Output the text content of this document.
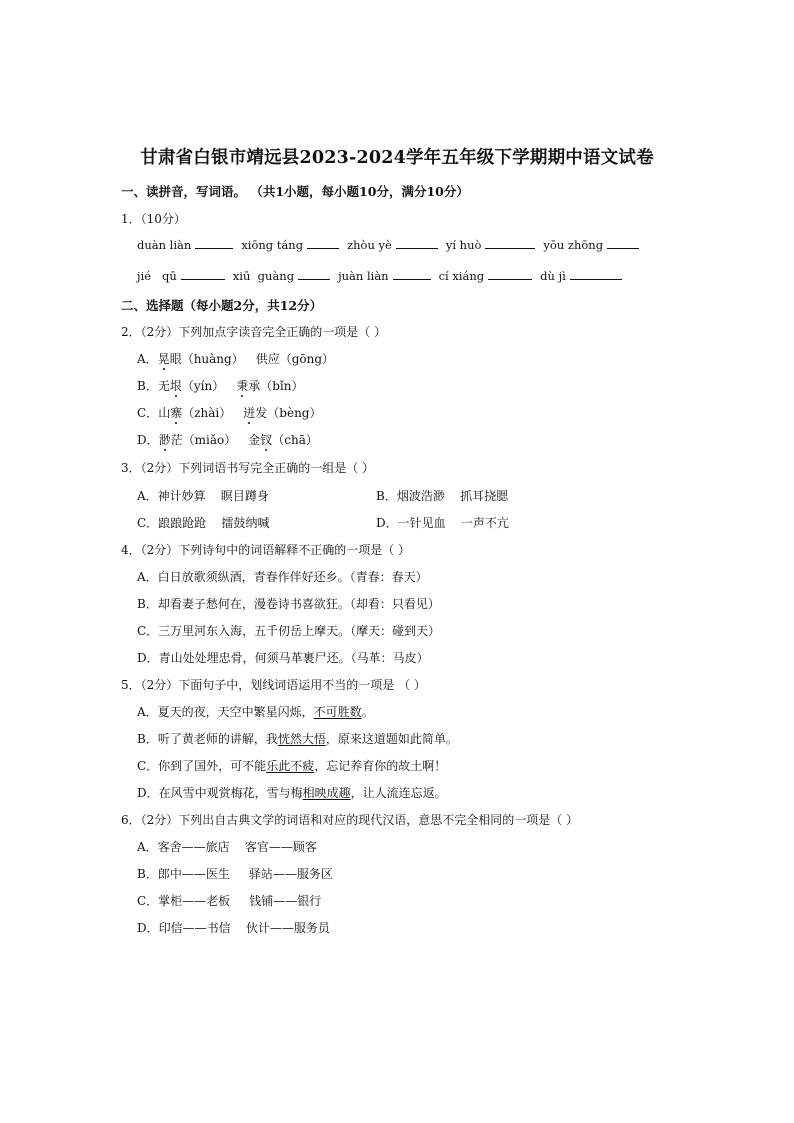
甘肃省白银市靖远县2023-2024学年五年级下学期期中语文试卷
一、读拼音，写词语。 （共1小题，每小题10分，满分10分）
1．（10分）
duàn liàn	xiōng táng	zhòu yè	yí huò	yōu zhōng
jié   qū	xiū  guàng	juàn liàn	cí xiáng	dù jì
二、选择题（每小题2分，共12分）
2．（2分）下列加点字读音完全正确的一项是（ ）
A．晃眼（huàng） 供应（gōng）
B．无垠（yín） 秉承（bǐn）
C．山寨（zhài） 迸发（bèng）
D．渺茫（miǎo） 金钗（chā）
3．（2分）下列词语书写完全正确的一组是（ ）
A．神计妙算    瞑目蹲身	B．烟波浩渺    抓耳挠腮
C．踉踉跄跄    擂鼓纳喊	D．一针见血    一声不亢
4．（2分）下列诗句中的词语解释不正确的一项是（ ）
A．白日放歌须纵酒，青春作伴好还乡。（青春：春天）
B．却看妻子愁何在，漫卷诗书喜欲狂。（却看：只看见）
C．三万里河东入海，五千仞岳上摩天。（摩天：碰到天）
D．青山处处埋忠骨，何须马革裹尸还。（马革：马皮）
5．（2分）下面句子中，划线词语运用不当的一项是 （ ）
A．夏天的夜，天空中繁星闪烁，不可胜数。
B．听了黄老师的讲解，我恍然大悟，原来这道题如此简单。
C．你到了国外，可不能乐此不疲，忘记养育你的故土啊！
D．在风雪中观赏梅花，雪与梅相映成趣，让人流连忘返。
6．（2分）下列出自古典文学的词语和对应的现代汉语，意思不完全相同的一项是（ ）
A．客舍——旅店    客官——顾客
B．郎中——医生     驿站——服务区
C．掌柜——老板     钱铺——银行
D．印信——书信    伙计——服务员
